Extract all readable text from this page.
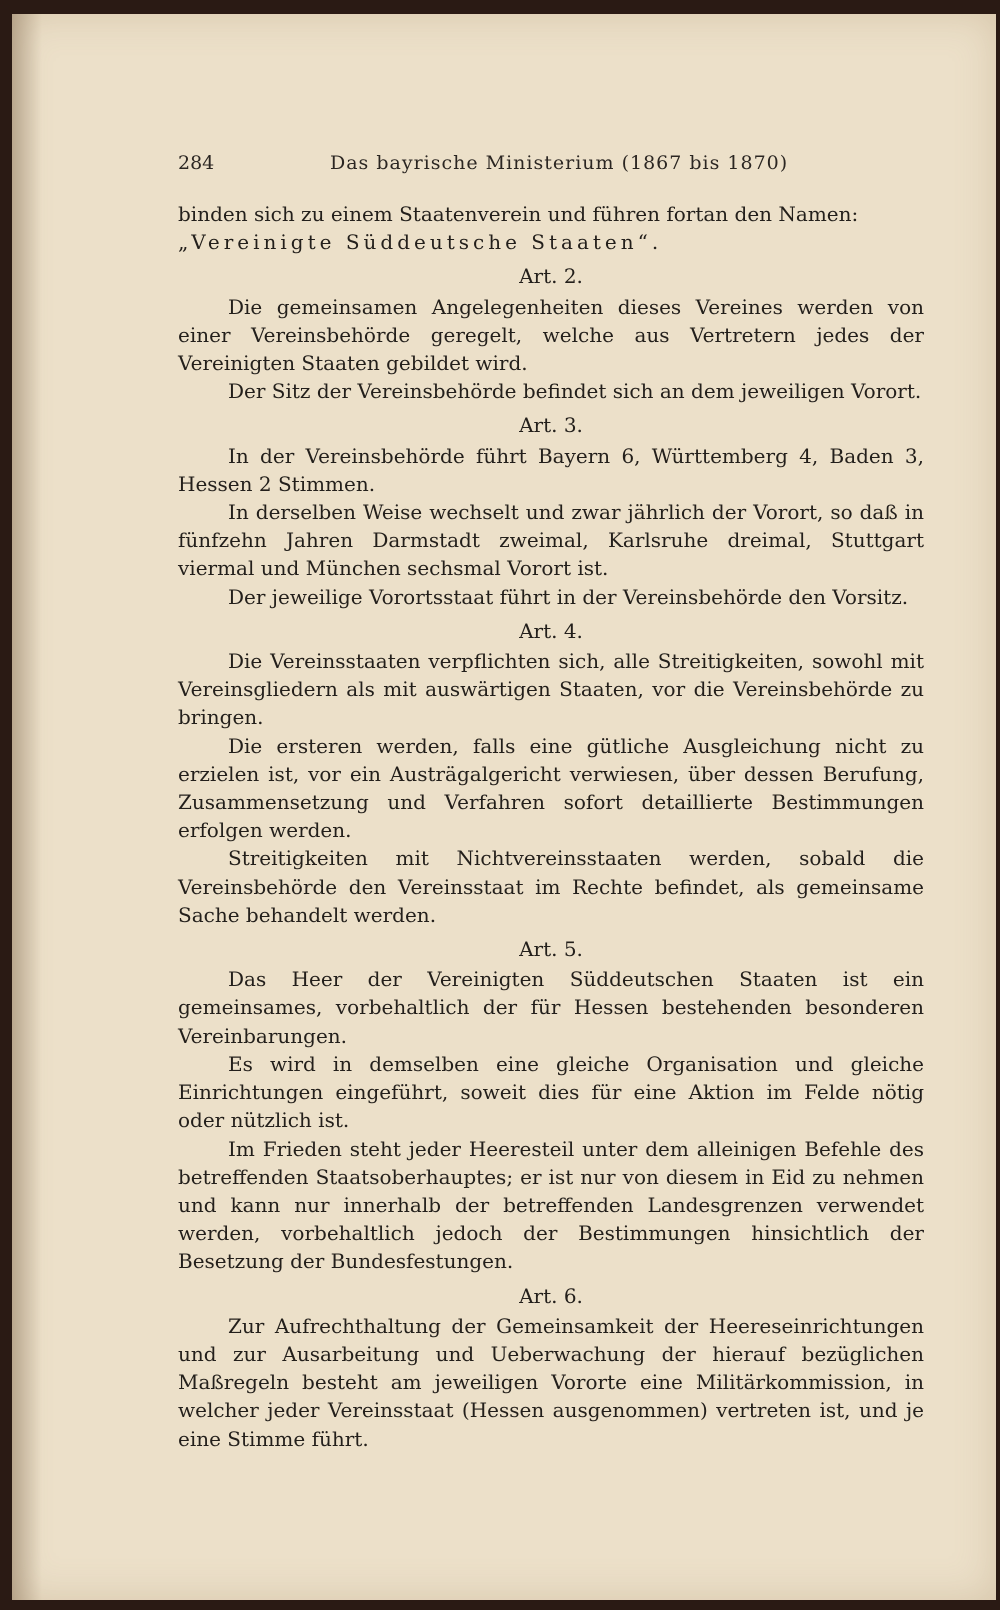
284	Das bayrische Ministerium (1867 bis 1870)

binden sich zu einem Staatenverein und führen fortan den Namen:

„Vereinigte Süddeutsche Staaten“.

Art. 2.

Die gemeinsamen Angelegenheiten dieses Vereines werden von einer Vereinsbehörde geregelt, welche aus Vertretern jedes der Vereinigten Staaten gebildet wird.

Der Sitz der Vereinsbehörde befindet sich an dem jeweiligen Vorort.

Art. 3.

In der Vereinsbehörde führt Bayern 6, Württemberg 4, Baden 3, Hessen 2 Stimmen.

In derselben Weise wechselt und zwar jährlich der Vorort, so daß in fünfzehn Jahren Darmstadt zweimal, Karlsruhe dreimal, Stuttgart viermal und München sechsmal Vorort ist.

Der jeweilige Vorortsstaat führt in der Vereinsbehörde den Vorsitz.

Art. 4.

Die Vereinsstaaten verpflichten sich, alle Streitigkeiten, sowohl mit Vereinsgliedern als mit auswärtigen Staaten, vor die Vereinsbehörde zu bringen.

Die ersteren werden, falls eine gütliche Ausgleichung nicht zu erzielen ist, vor ein Austrägalgericht verwiesen, über dessen Berufung, Zusammensetzung und Verfahren sofort detaillierte Bestimmungen erfolgen werden.

Streitigkeiten mit Nichtvereinsstaaten werden, sobald die Vereinsbehörde den Vereinsstaat im Rechte befindet, als gemeinsame Sache behandelt werden.

Art. 5.

Das Heer der Vereinigten Süddeutschen Staaten ist ein gemeinsames, vorbehaltlich der für Hessen bestehenden besonderen Vereinbarungen.

Es wird in demselben eine gleiche Organisation und gleiche Einrichtungen eingeführt, soweit dies für eine Aktion im Felde nötig oder nützlich ist.

Im Frieden steht jeder Heeresteil unter dem alleinigen Befehle des betreffenden Staatsoberhauptes; er ist nur von diesem in Eid zu nehmen und kann nur innerhalb der betreffenden Landesgrenzen verwendet werden, vorbehaltlich jedoch der Bestimmungen hinsichtlich der Besetzung der Bundesfestungen.

Art. 6.

Zur Aufrechthaltung der Gemeinsamkeit der Heereseinrichtungen und zur Ausarbeitung und Ueberwachung der hierauf bezüglichen Maßregeln besteht am jeweiligen Vororte eine Militärkommission, in welcher jeder Vereinsstaat (Hessen ausgenommen) vertreten ist, und je eine Stimme führt.
